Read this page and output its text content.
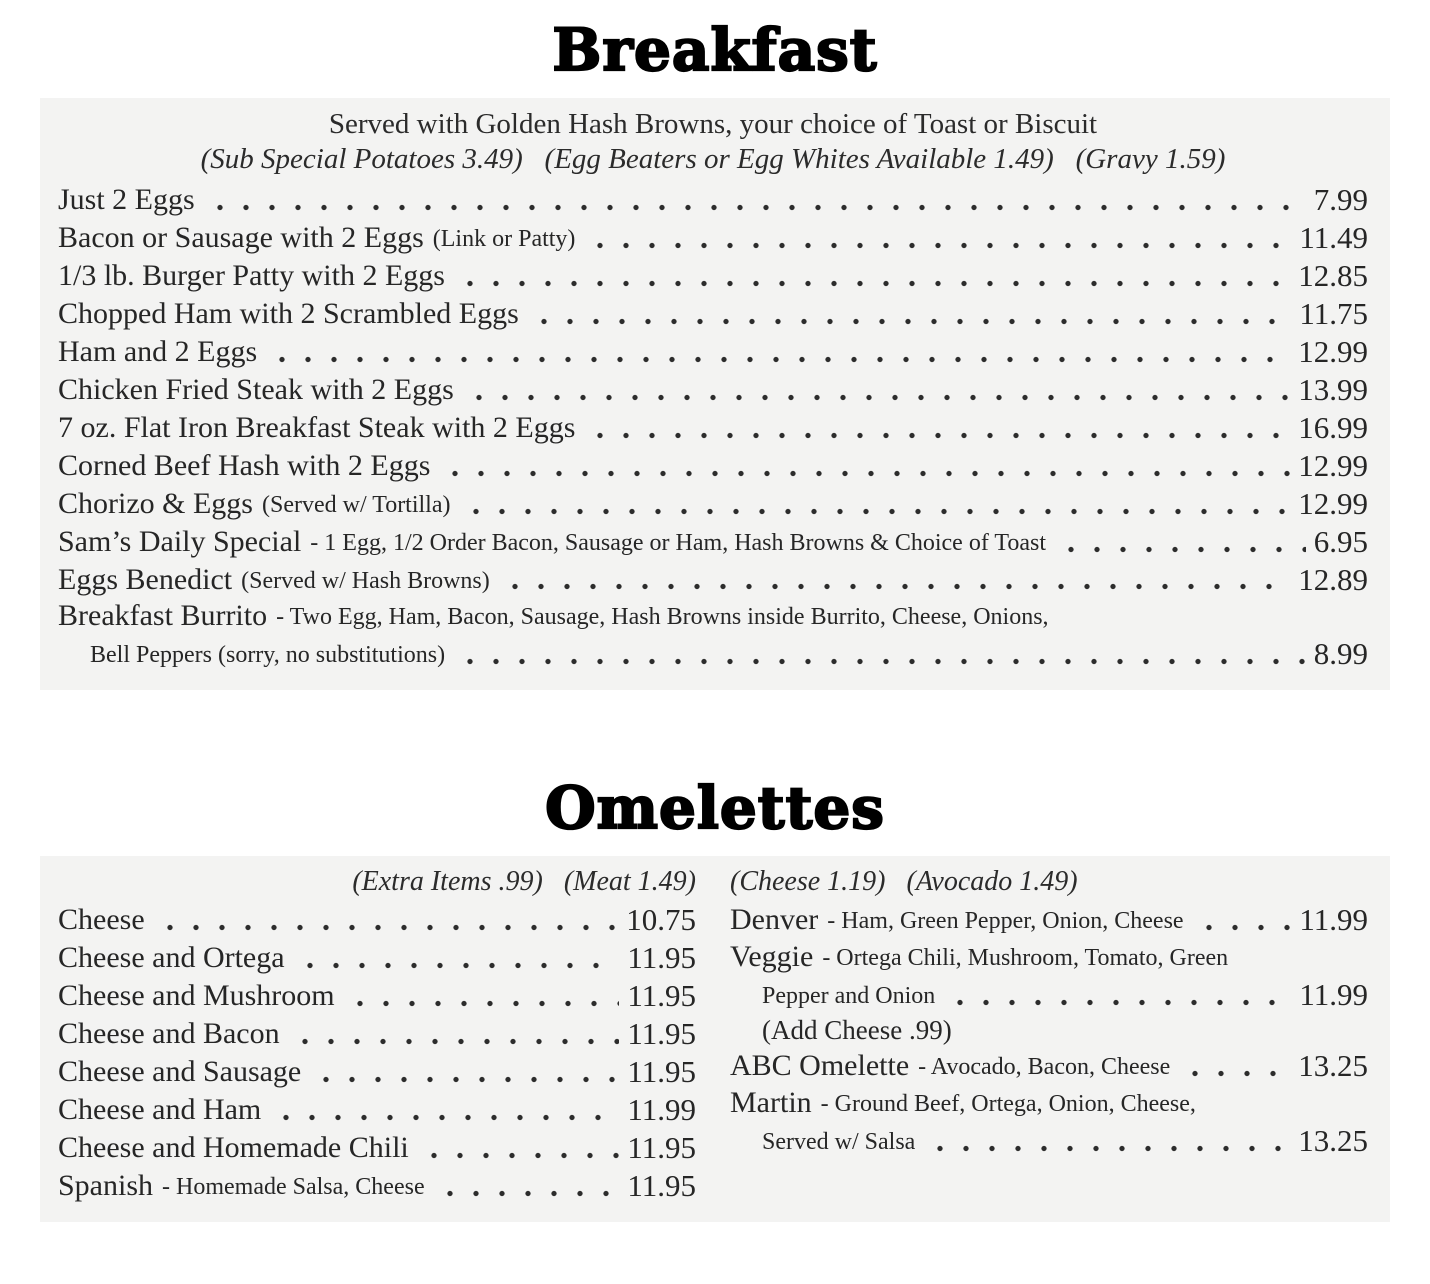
Breakfast
Served with Golden Hash Browns, your choice of Toast or Biscuit
(Sub Special Potatoes 3.49)   (Egg Beaters or Egg Whites Available 1.49)   (Gravy 1.59)
Just 2 Eggs	7.99
Bacon or Sausage with 2 Eggs (Link or Patty)	11.49
1/3 lb. Burger Patty with 2 Eggs	12.85
Chopped Ham with 2 Scrambled Eggs	11.75
Ham and 2 Eggs	12.99
Chicken Fried Steak with 2 Eggs	13.99
7 oz. Flat Iron Breakfast Steak with 2 Eggs	16.99
Corned Beef Hash with 2 Eggs	12.99
Chorizo & Eggs (Served w/ Tortilla)	12.99
Sam’s Daily Special - 1 Egg, 1/2 Order Bacon, Sausage or Ham, Hash Browns & Choice of Toast	6.95
Eggs Benedict (Served w/ Hash Browns)	12.89
Breakfast Burrito - Two Egg, Ham, Bacon, Sausage, Hash Browns inside Burrito, Cheese, Onions,
Bell Peppers (sorry, no substitutions)	8.99
Omelettes
(Extra Items .99)   (Meat 1.49)
Cheese	10.75
Cheese and Ortega	11.95
Cheese and Mushroom	11.95
Cheese and Bacon	11.95
Cheese and Sausage	11.95
Cheese and Ham	11.99
Cheese and Homemade Chili	11.95
Spanish - Homemade Salsa, Cheese	11.95
(Cheese 1.19)   (Avocado 1.49)
Denver - Ham, Green Pepper, Onion, Cheese	11.99
Veggie - Ortega Chili, Mushroom, Tomato, Green
Pepper and Onion	11.99
(Add Cheese .99)
ABC Omelette - Avocado, Bacon, Cheese	13.25
Martin - Ground Beef, Ortega, Onion, Cheese,
Served w/ Salsa	13.25
